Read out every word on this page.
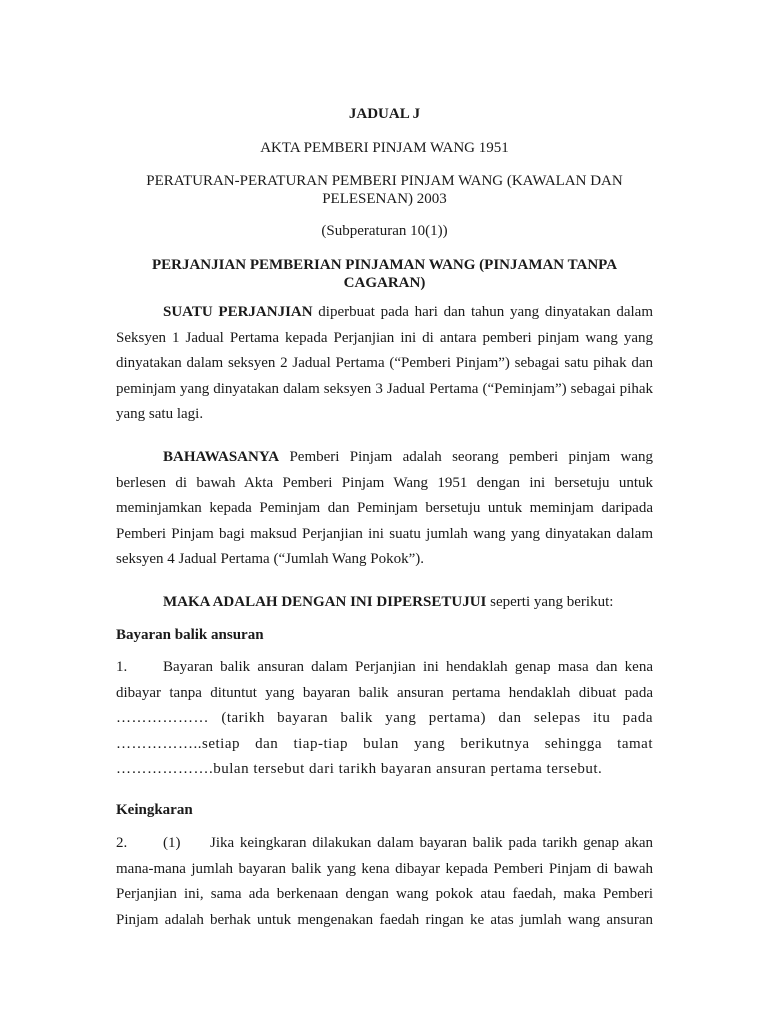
JADUAL J
AKTA PEMBERI PINJAM WANG 1951
PERATURAN-PERATURAN PEMBERI PINJAM WANG (KAWALAN DAN PELESENAN) 2003
(Subperaturan 10(1))
PERJANJIAN PEMBERIAN PINJAMAN WANG (PINJAMAN TANPA CAGARAN)
SUATU PERJANJIAN diperbuat pada hari dan tahun yang dinyatakan dalam Seksyen 1 Jadual Pertama kepada Perjanjian ini di antara pemberi pinjam wang yang dinyatakan dalam seksyen 2 Jadual Pertama (“Pemberi Pinjam”) sebagai satu pihak dan peminjam yang dinyatakan dalam seksyen 3 Jadual Pertama (“Peminjam”) sebagai pihak yang satu lagi.
BAHAWASANYA Pemberi Pinjam adalah seorang pemberi pinjam wang berlesen di bawah Akta Pemberi Pinjam Wang 1951 dengan ini bersetuju untuk meminjamkan kepada Peminjam dan Peminjam bersetuju untuk meminjam daripada Pemberi Pinjam bagi maksud Perjanjian ini suatu jumlah wang yang dinyatakan dalam seksyen 4 Jadual Pertama (“Jumlah Wang Pokok”).
MAKA ADALAH DENGAN INI DIPERSETUJUI seperti yang berikut:
Bayaran balik ansuran
1. Bayaran balik ansuran dalam Perjanjian ini hendaklah genap masa dan kena
dibayar tanpa dituntut yang bayaran balik ansuran pertama hendaklah dibuat pada
……………… (tarikh bayaran balik yang pertama) dan selepas itu pada
……………..setiap dan tiap-tiap bulan yang berikutnya sehingga tamat
……………….bulan tersebut dari tarikh bayaran ansuran pertama tersebut.
Keingkaran
2. (1) Jika keingkaran dilakukan dalam bayaran balik pada tarikh genap akan
mana-mana jumlah bayaran balik yang kena dibayar kepada Pemberi Pinjam di bawah
Perjanjian ini, sama ada berkenaan dengan wang pokok atau faedah, maka Pemberi
Pinjam adalah berhak untuk mengenakan faedah ringan ke atas jumlah wang ansuran
